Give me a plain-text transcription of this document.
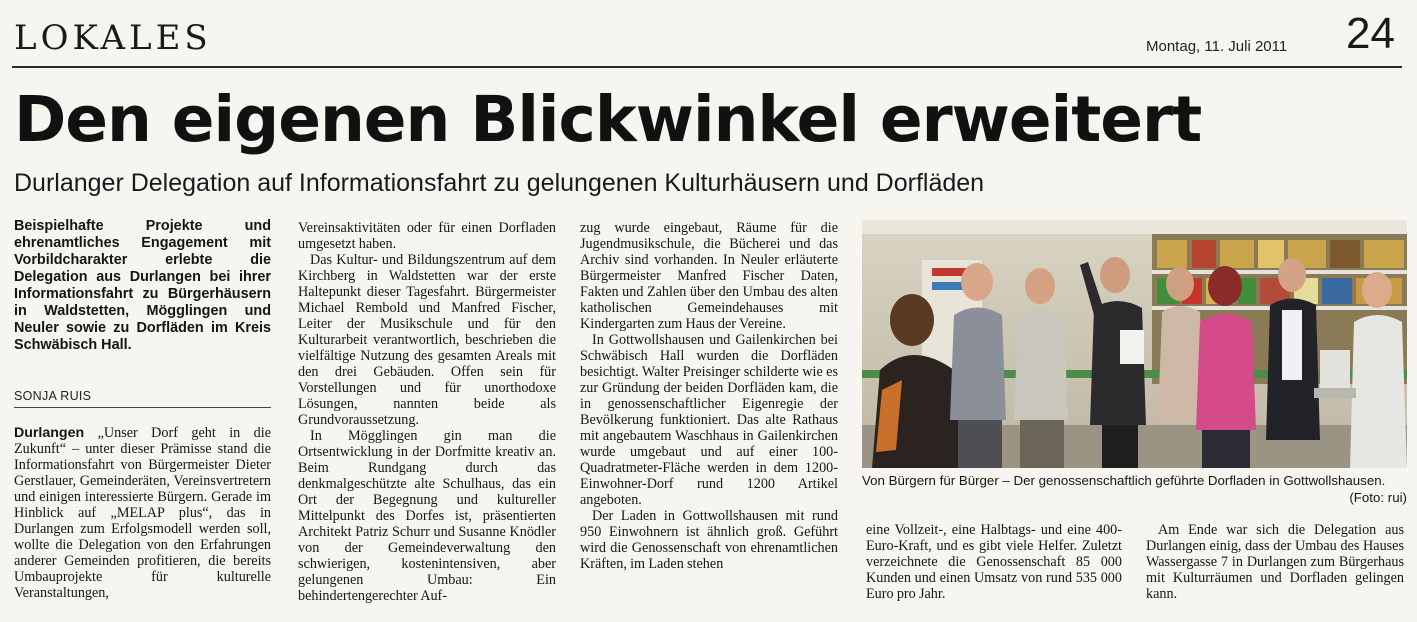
LOKALES	Montag, 11. Juli 2011 24
Den eigenen Blickwinkel erweitert
Durlanger Delegation auf Informationsfahrt zu gelungenen Kulturhäusern und Dorfläden
Beispielhafte Projekte und ehrenamtliches Engagement mit Vorbildcharakter erlebte die Delegation aus Durlangen bei ihrer Informationsfahrt zu Bürgerhäusern in Waldstetten, Mögglingen und Neuler sowie zu Dorfläden im Kreis Schwäbisch Hall.
SONJA RUIS

Durlangen „Unser Dorf geht in die Zukunft“ – unter dieser Prämisse stand die Informationsfahrt von Bürgermeister Dieter Gerstlauer, Gemeinderäten, Vereinsvertretern und einigen interessierte Bürgern. Gerade im Hinblick auf „MELAP plus“, das in Durlangen zum Erfolgsmodell werden soll, wollte die Delegation von den Erfahrungen anderer Gemeinden profitieren, die bereits Umbauprojekte für kulturelle Veranstaltungen,

Vereinsaktivitäten oder für einen Dorfladen umgesetzt haben.

Das Kultur- und Bildungszentrum auf dem Kirchberg in Waldstetten war der erste Haltepunkt dieser Tagesfahrt. Bürgermeister Michael Rembold und Manfred Fischer, Leiter der Musikschule und für den Kulturarbeit verantwortlich, beschrieben die vielfältige Nutzung des gesamten Areals mit den drei Gebäuden. Offen sein für Vorstellungen und für unorthodoxe Lösungen, nannten beide als Grundvoraussetzung.

In Mögglingen gin man die Ortsentwicklung in der Dorfmitte kreativ an. Beim Rundgang durch das denkmalgeschützte alte Schulhaus, das ein Ort der Begegnung und kultureller Mittelpunkt des Dorfes ist, präsentierten Architekt Patriz Schurr und Susanne Knödler von der Gemeindeverwaltung den schwierigen, kostenintensiven, aber gelungenen Umbau: Ein behindertengerechter Auf-

zug wurde eingebaut, Räume für die Jugendmusikschule, die Bücherei und das Archiv sind vorhanden. In Neuler erläuterte Bürgermeister Manfred Fischer Daten, Fakten und Zahlen über den Umbau des alten katholischen Gemeindehauses mit Kindergarten zum Haus der Vereine.

In Gottwollshausen und Gailenkirchen bei Schwäbisch Hall wurden die Dorfläden besichtigt. Walter Preisinger schilderte wie es zur Gründung der beiden Dorfläden kam, die in genossenschaftlicher Eigenregie der Bevölkerung funktioniert. Das alte Rathaus mit angebautem Waschhaus in Gailenkirchen wurde umgebaut und auf einer 100-Quadratmeter-Fläche werden in dem 1200-Einwohner-Dorf rund 1200 Artikel angeboten.

Der Laden in Gottwollshausen mit rund 950 Einwohnern ist ähnlich groß. Geführt wird die Genossenschaft von ehrenamtlichen Kräften, im Laden stehen

Von Bürgern für Bürger – Der genossenschaftlich geführte Dorfladen in Gottwollshausen.
(Foto: rui)

eine Vollzeit-, eine Halbtags- und eine 400-Euro-Kraft, und es gibt viele Helfer. Zuletzt verzeichnete die Genossenschaft 85 000 Kunden und einen Umsatz von rund 535 000 Euro pro Jahr.

Am Ende war sich die Delegation aus Durlangen einig, dass der Umbau des Hauses Wassergasse 7 in Durlangen zum Bürgerhaus mit Kulturräumen und Dorfladen gelingen kann.
